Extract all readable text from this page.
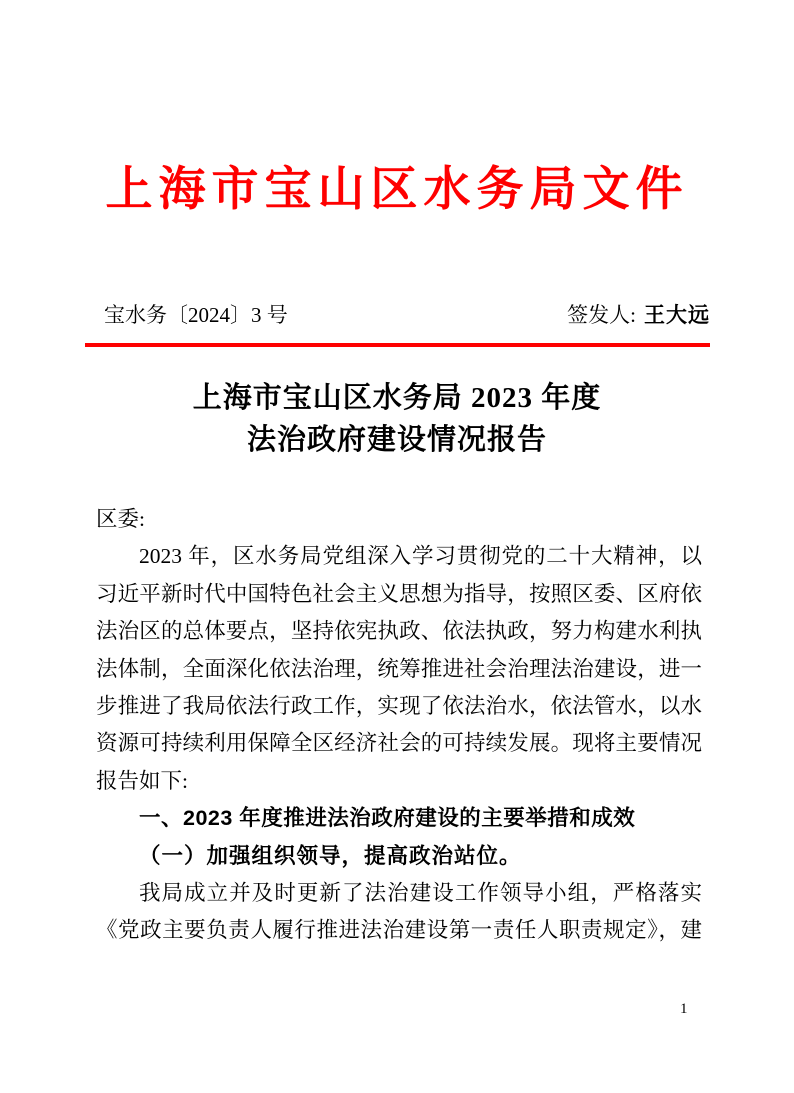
上海市宝山区水务局文件
宝水务〔2024〕3 号	签发人: 王大远
上海市宝山区水务局 2023 年度
法治政府建设情况报告
区委:
2023 年，区水务局党组深入学习贯彻党的二十大精神，以
习近平新时代中国特色社会主义思想为指导，按照区委、区府依
法治区的总体要点，坚持依宪执政、依法执政，努力构建水利执
法体制，全面深化依法治理，统筹推进社会治理法治建设，进一
步推进了我局依法行政工作，实现了依法治水，依法管水，以水
资源可持续利用保障全区经济社会的可持续发展。现将主要情况
报告如下:
一、2023 年度推进法治政府建设的主要举措和成效
（一）加强组织领导，提高政治站位。
我局成立并及时更新了法治建设工作领导小组，严格落实
《党政主要负责人履行推进法治建设第一责任人职责规定》，建
1
